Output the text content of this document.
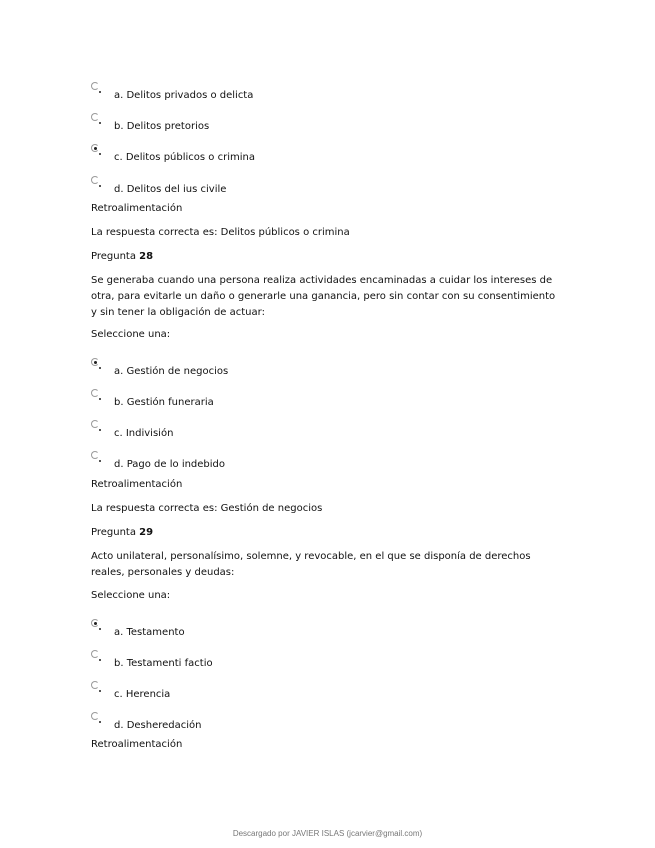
a. Delitos privados o delicta
b. Delitos pretorios
c. Delitos públicos o crimina
d. Delitos del ius civile
Retroalimentación
La respuesta correcta es: Delitos públicos o crimina
Pregunta 28
Se generaba cuando una persona realiza actividades encaminadas a cuidar los intereses de otra, para evitarle un daño o generarle una ganancia, pero sin contar con su consentimiento y sin tener la obligación de actuar:
Seleccione una:
a. Gestión de negocios
b. Gestión funeraria
c. Indivisión
d. Pago de lo indebido
Retroalimentación
La respuesta correcta es: Gestión de negocios
Pregunta 29
Acto unilateral, personalísimo, solemne, y revocable, en el que se disponía de derechos reales, personales y deudas:
Seleccione una:
a. Testamento
b. Testamenti factio
c. Herencia
d. Desheredación
Retroalimentación
Descargado por JAVIER ISLAS (jcarvier@gmail.com)
